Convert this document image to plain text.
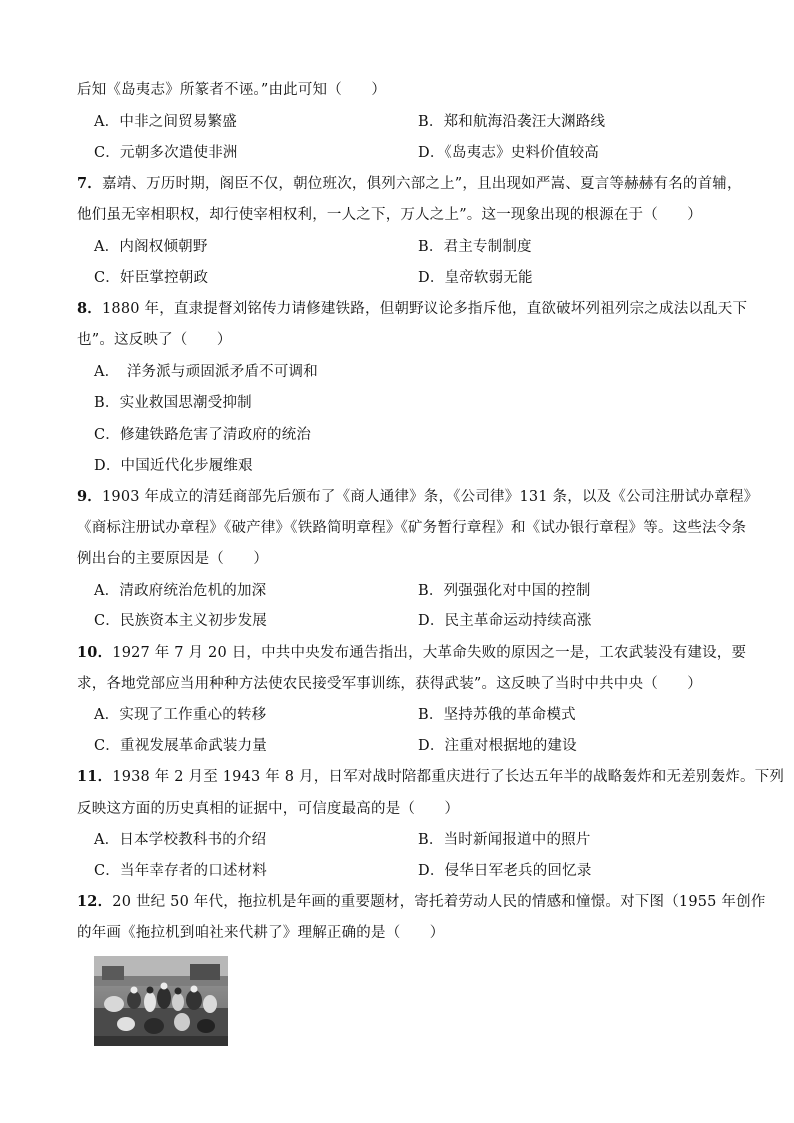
后知《岛夷志》所篆者不诬。”由此可知（　　）
A．中非之间贸易繁盛	B．郑和航海沿袭汪大渊路线
C．元朝多次遣使非洲	D．《岛夷志》史料价值较高
7．嘉靖、万历时期，阁臣不仅，朝位班次，俱列六部之上”，且出现如严嵩、夏言等赫赫有名的首辅，
他们虽无宰相职权，却行使宰相权利，一人之下，万人之上”。这一现象出现的根源在于（　　）
A．内阁权倾朝野	B．君主专制制度
C．奸臣掌控朝政	D．皇帝软弱无能
8．1880 年，直隶提督刘铭传力请修建铁路，但朝野议论多指斥他，直欲破坏列祖列宗之成法以乱天下
也”。这反映了（　　）
A．　洋务派与顽固派矛盾不可调和
B．实业救国思潮受抑制
C．修建铁路危害了清政府的统治
D．中国近代化步履维艰
9．1903 年成立的清廷商部先后颁布了《商人通律》条，《公司律》131 条，以及《公司注册试办章程》
《商标注册试办章程》《破产律》《铁路简明章程》《矿务暂行章程》和《试办银行章程》等。这些法令条
例出台的主要原因是（　　）
A．清政府统治危机的加深	B．列强强化对中国的控制
C．民族资本主义初步发展	D．民主革命运动持续高涨
10．1927 年 7 月 20 日，中共中央发布通告指出，大革命失败的原因之一是，工农武装没有建设，要
求，各地党部应当用种种方法使农民接受军事训练，获得武装”。这反映了当时中共中央（　　）
A．实现了工作重心的转移	B．坚持苏俄的革命模式
C．重视发展革命武装力量	D．注重对根据地的建设
11．1938 年 2 月至 1943 年 8 月，日军对战时陪都重庆进行了长达五年半的战略轰炸和无差别轰炸。下列
反映这方面的历史真相的证据中，可信度最高的是（　　）
A．日本学校教科书的介绍	B．当时新闻报道中的照片
C．当年幸存者的口述材料	D．侵华日军老兵的回忆录
12．20 世纪 50 年代，拖拉机是年画的重要题材，寄托着劳动人民的情感和憧憬。对下图（1955 年创作
的年画《拖拉机到咱社来代耕了》理解正确的是（　　）
